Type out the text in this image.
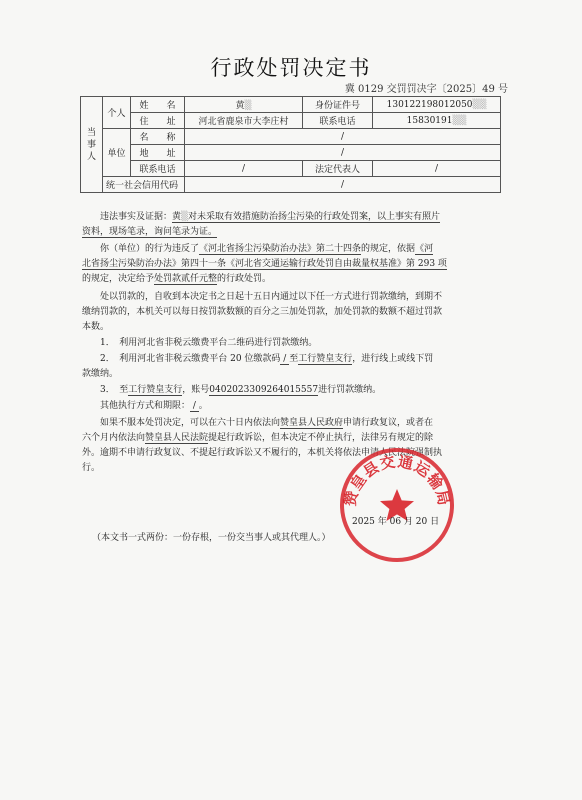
行政处罚决定书
冀 0129 交罚罚决字〔2025〕49 号
当事人	个人	姓　　名	黄▒	身份证件号	130122198012050▒▒
		住　　址	河北省鹿泉市大李庄村	联系电话	15830191▒▒
	单位	名　　称	/		
		地　　址	/		
		联系电话	/	法定代表人	/
	统一社会信用代码		/		
　　违法事实及证据：黄▒对未采取有效措施防治扬尘污染的行政处罚案，以上事实有照片
资料，现场笔录，询问笔录为证。
　　你（单位）的行为违反了《河北省扬尘污染防治办法》第二十四条的规定，依据《河
北省扬尘污染防治办法》第四十一条《河北省交通运输行政处罚自由裁量权基准》第 293 项
的规定，决定给予处罚款贰仟元整的行政处罚。
　　处以罚款的，自收到本决定书之日起十五日内通过以下任一方式进行罚款缴纳，到期不
缴纳罚款的，本机关可以每日按罚款数额的百分之三加处罚款，加处罚款的数额不超过罚款
本数。
　　1．　利用河北省非税云缴费平台二维码进行罚款缴纳。
　　2．　利用河北省非税云缴费平台 20 位缴款码 / 至工行赞皇支行，进行线上或线下罚
款缴纳。
　　3．　至工行赞皇支行，账号0402023309264015557进行罚款缴纳。
　　其他执行方式和期限： / 。
　　如果不服本处罚决定，可以在六十日内依法向赞皇县人民政府申请行政复议，或者在
六个月内依法向赞皇县人民法院提起行政诉讼，但本决定不停止执行，法律另有规定的除
外。逾期不申请行政复议、不提起行政诉讼又不履行的，本机关将依法申请人民法院强制执
行。
赞皇县交通运输局
2025 年 06 月 20 日
（本文书一式两份：一份存根，一份交当事人或其代理人。）
